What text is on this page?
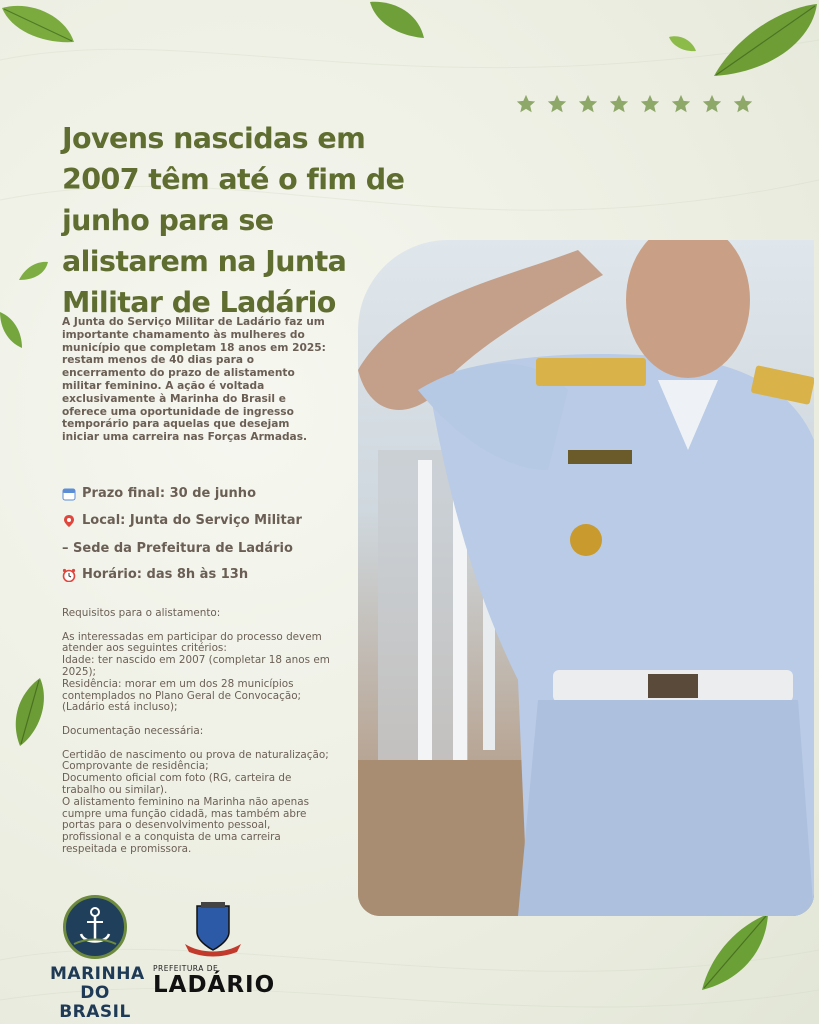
Jovens nascidas em 2007 têm até o fim de junho para se alistarem na Junta Militar de Ladário

A Junta do Serviço Militar de Ladário faz um importante chamamento às mulheres do município que completam 18 anos em 2025: restam menos de 40 dias para o encerramento do prazo de alistamento militar feminino. A ação é voltada exclusivamente à Marinha do Brasil e oferece uma oportunidade de ingresso temporário para aquelas que desejam iniciar uma carreira nas Forças Armadas.

Prazo final: 30 de junho
Local: Junta do Serviço Militar
– Sede da Prefeitura de Ladário
Horário: das 8h às 13h

Requisitos para o alistamento:

As interessadas em participar do processo devem atender aos seguintes critérios:
Idade: ter nascido em 2007 (completar 18 anos em 2025);
Residência: morar em um dos 28 municípios contemplados no Plano Geral de Convocação; (Ladário está incluso);

Documentação necessária:

Certidão de nascimento ou prova de naturalização;
Comprovante de residência;
Documento oficial com foto (RG, carteira de trabalho ou similar).
O alistamento feminino na Marinha não apenas cumpre uma função cidadã, mas também abre portas para o desenvolvimento pessoal, profissional e a conquista de uma carreira respeitada e promissora.

MARINHA
DO BRASIL
PREFEITURA DE
LADÁRIO
